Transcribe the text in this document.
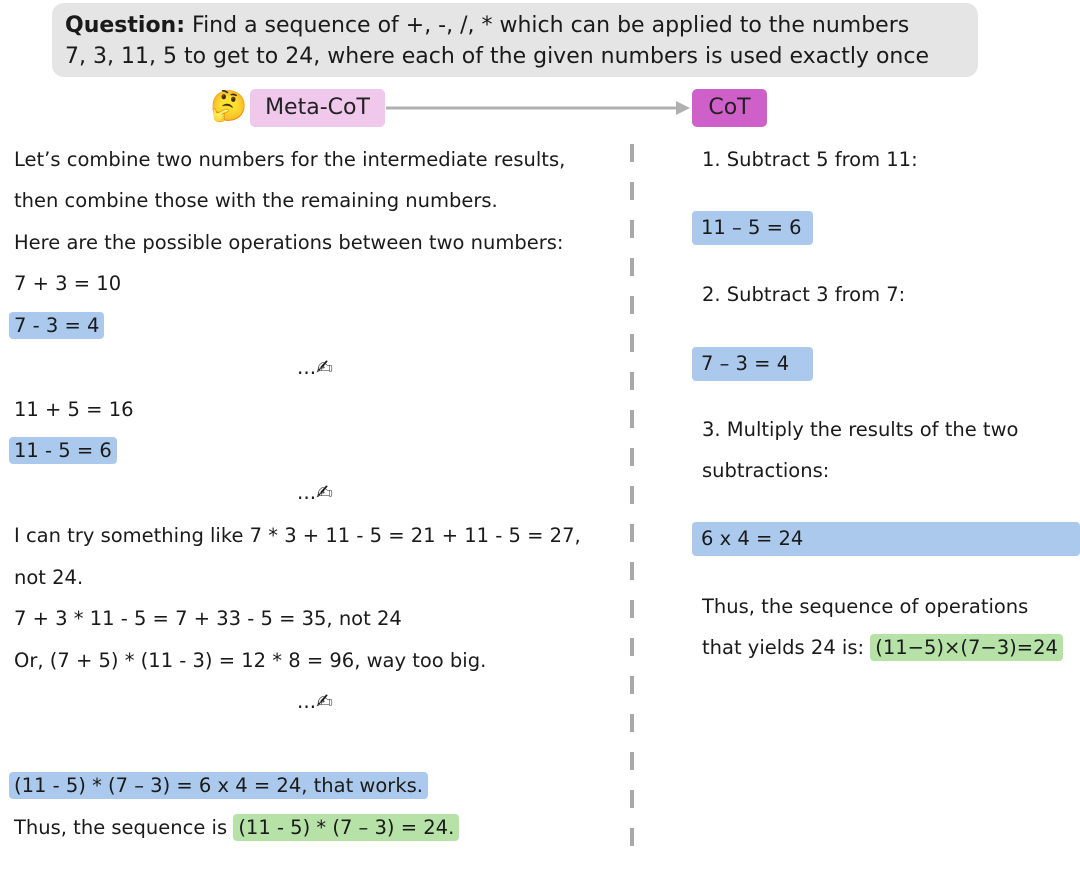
Question: Find a sequence of +, -, /, * which can be applied to the numbers
7, 3, 11, 5 to get to 24, where each of the given numbers is used exactly once
🤔 Meta-CoT	CoT
Let’s combine two numbers for the intermediate results,
then combine those with the remaining numbers.
Here are the possible operations between two numbers:
7 + 3 = 10
7 - 3 = 4
...✍
11 + 5 = 16
11 - 5 = 6
...✍
I can try something like 7 * 3 + 11 - 5 = 21 + 11 - 5 = 27,
not 24.
7 + 3 * 11 - 5 = 7 + 33 - 5 = 35, not 24
Or, (7 + 5) * (11 - 3) = 12 * 8 = 96, way too big.
...✍
(11 - 5) * (7 – 3) = 6 x 4 = 24, that works.
Thus, the sequence is (11 - 5) * (7 – 3) = 24.
1. Subtract 5 from 11:
11 – 5 = 6
2. Subtract 3 from 7:
7 – 3 = 4
3. Multiply the results of the two
subtractions:
6 x 4 = 24
Thus, the sequence of operations
that yields 24 is: (11−5)×(7−3)=24
